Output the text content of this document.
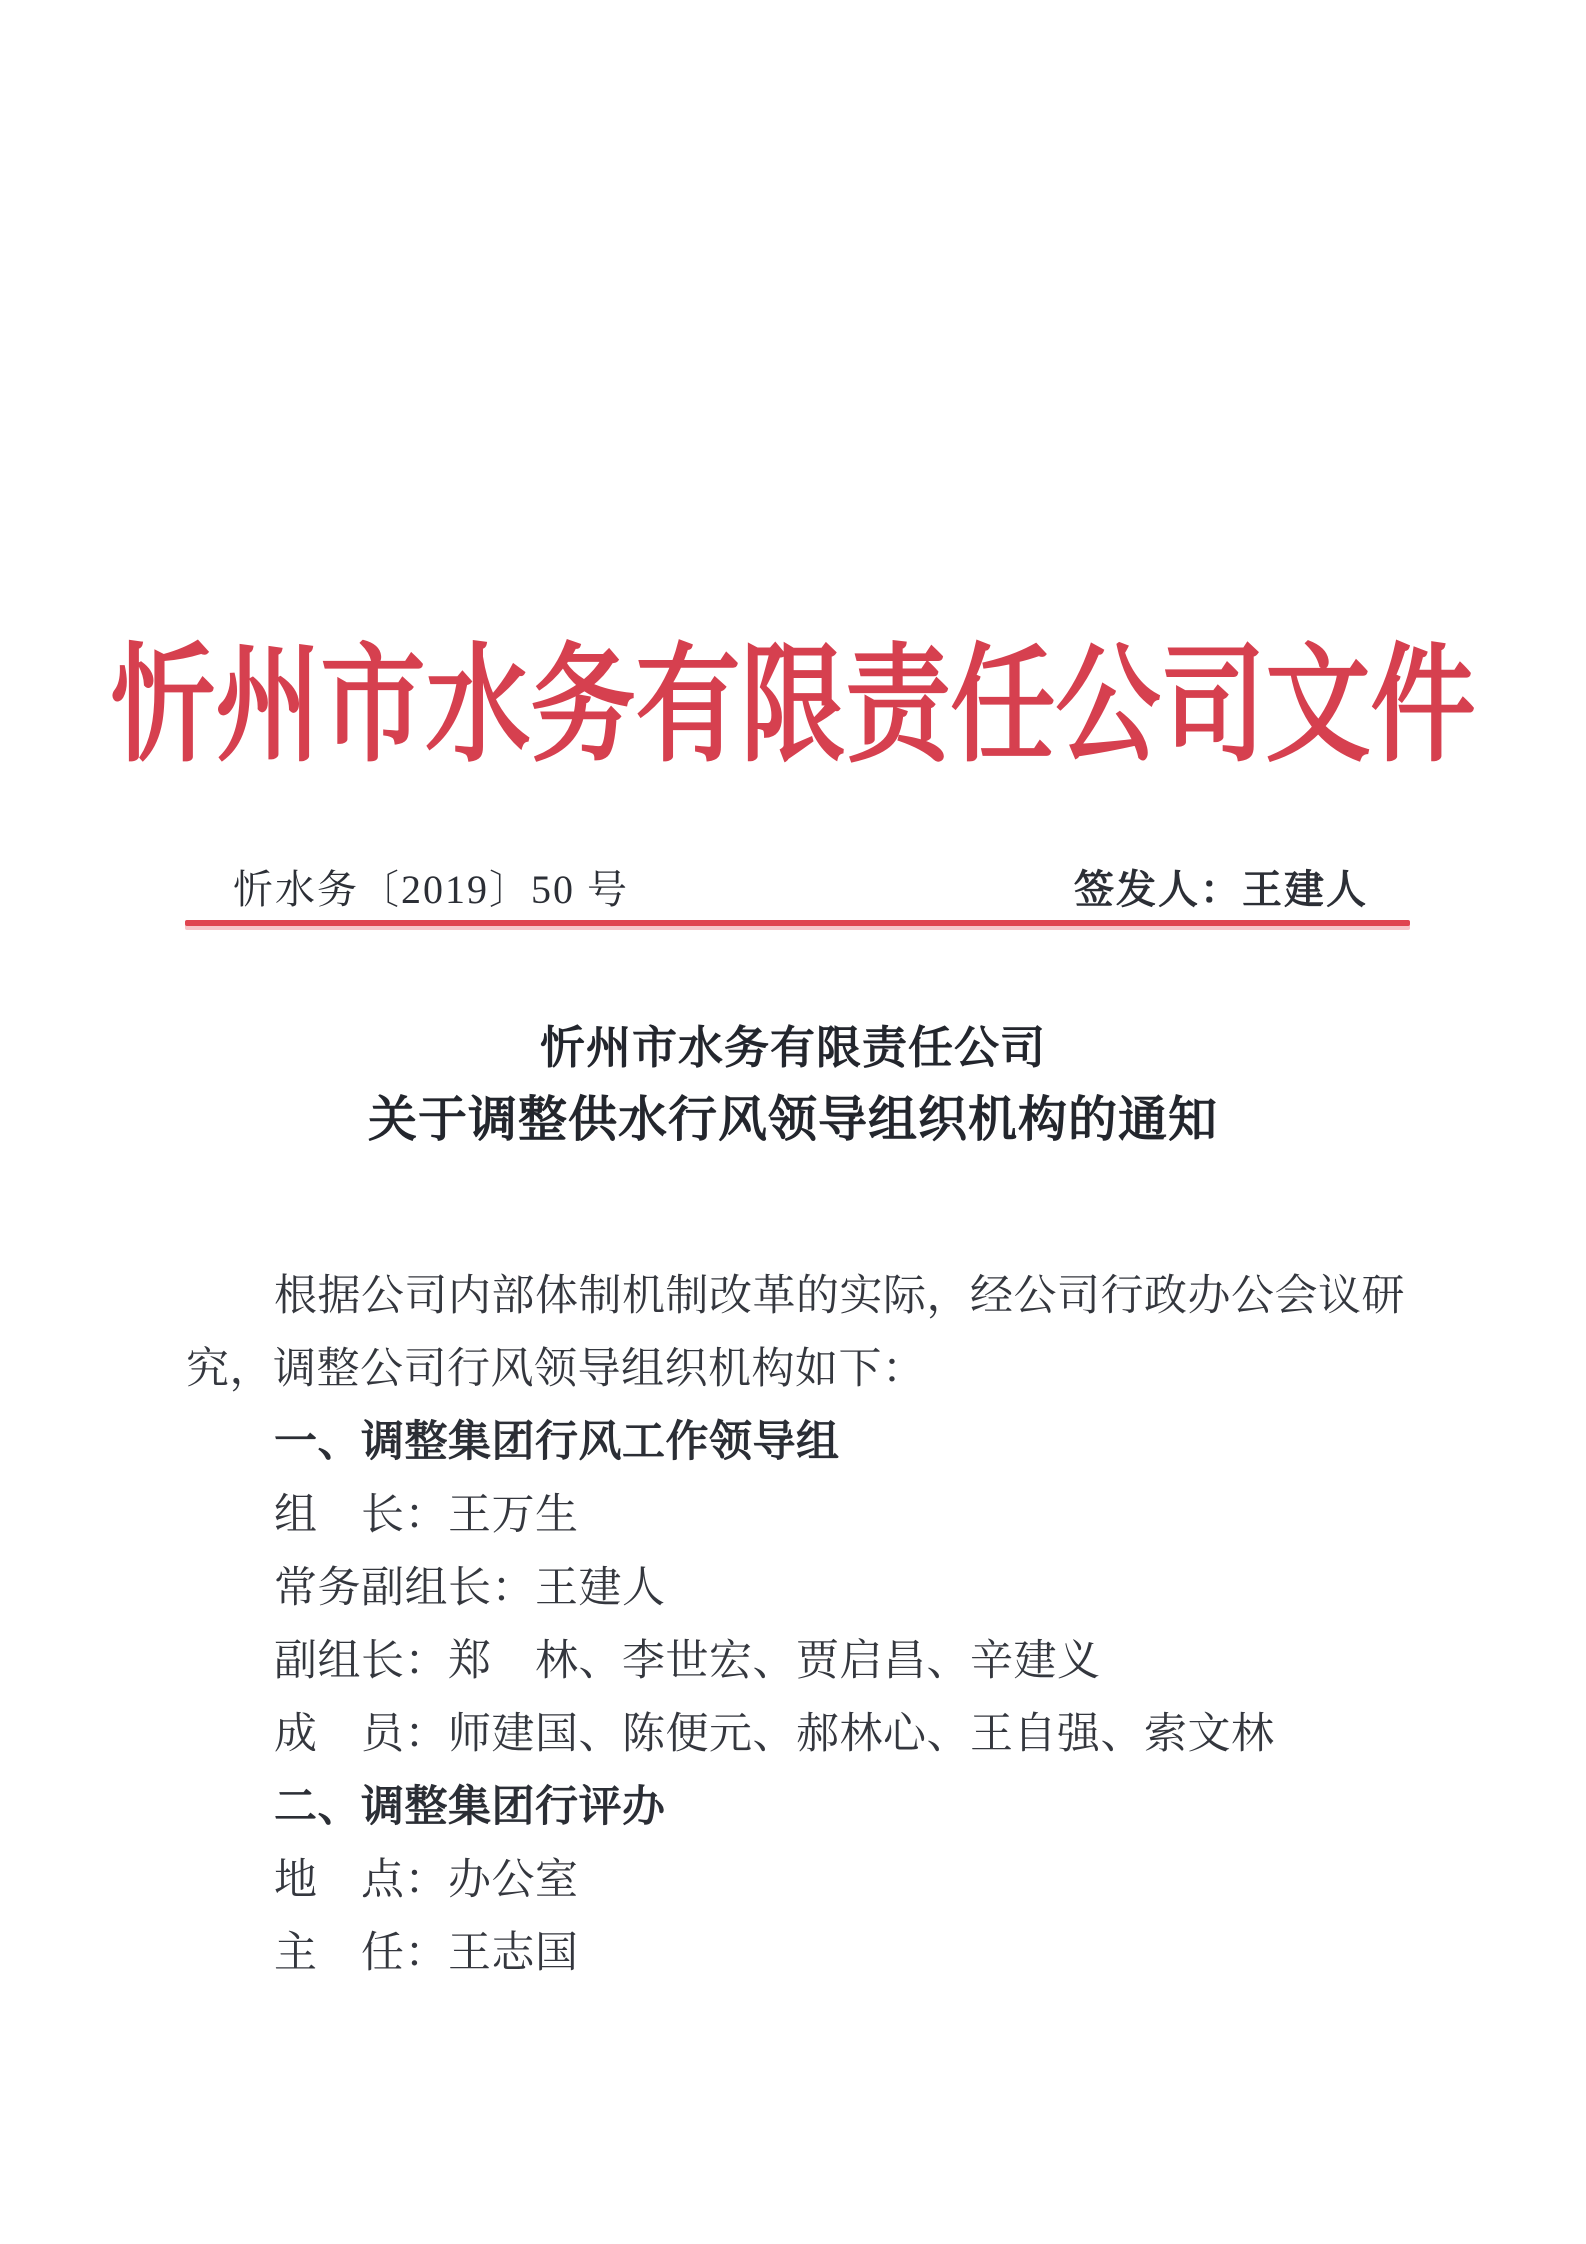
忻州市水务有限责任公司文件
忻水务〔2019〕50 号	签发人：王建人
忻州市水务有限责任公司
关于调整供水行风领导组织机构的通知
根据公司内部体制机制改革的实际，经公司行政办公会议研
究，调整公司行风领导组织机构如下：
一、调整集团行风工作领导组
组　长：王万生
常务副组长：王建人
副组长：郑　林、李世宏、贾启昌、辛建义
成　员：师建国、陈便元、郝林心、王自强、索文林
二、调整集团行评办
地　点：办公室
主　任：王志国
